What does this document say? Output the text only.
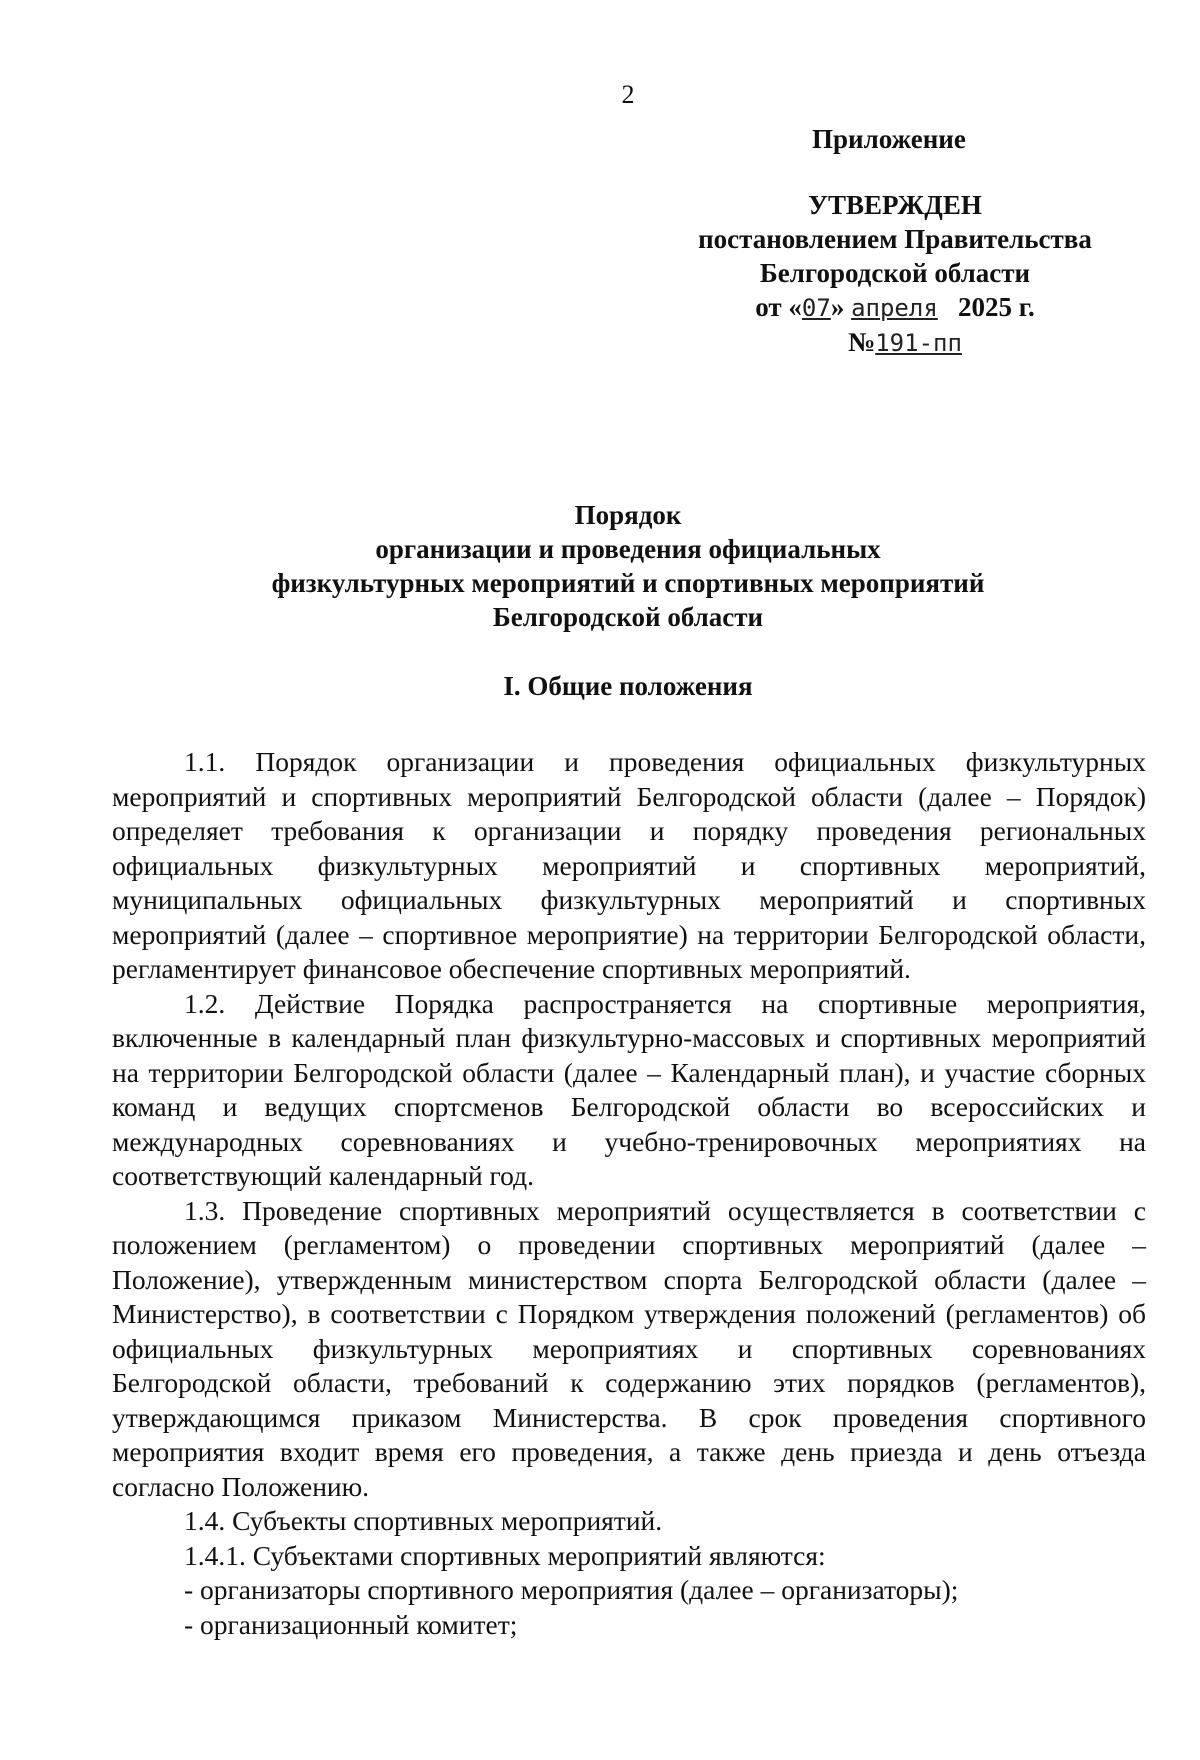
2
Приложение
УТВЕРЖДЕН
постановлением Правительства
Белгородской области
от «07» апреля 2025 г.
№191-пп
Порядок
организации и проведения официальных
физкультурных мероприятий и спортивных мероприятий
Белгородской области
I. Общие положения

1.1. Порядок организации и проведения официальных физкультурных мероприятий и спортивных мероприятий Белгородской области (далее – Порядок) определяет требования к организации и порядку проведения региональных официальных физкультурных мероприятий и спортивных мероприятий, муниципальных официальных физкультурных мероприятий и спортивных мероприятий (далее – спортивное мероприятие) на территории Белгородской области, регламентирует финансовое обеспечение спортивных мероприятий.

1.2. Действие Порядка распространяется на спортивные мероприятия, включенные в календарный план физкультурно-массовых и спортивных мероприятий на территории Белгородской области (далее – Календарный план), и участие сборных команд и ведущих спортсменов Белгородской области во всероссийских и международных соревнованиях и учебно-тренировочных мероприятиях на соответствующий календарный год.

1.3. Проведение спортивных мероприятий осуществляется в соответствии с положением (регламентом) о проведении спортивных мероприятий (далее – Положение), утвержденным министерством спорта Белгородской области (далее – Министерство), в соответствии с Порядком утверждения положений (регламентов) об официальных физкультурных мероприятиях и спортивных соревнованиях Белгородской области, требований к содержанию этих порядков (регламентов), утверждающимся приказом Министерства. В срок проведения спортивного мероприятия входит время его проведения, а также день приезда и день отъезда согласно Положению.

1.4. Субъекты спортивных мероприятий.

1.4.1. Субъектами спортивных мероприятий являются:

- организаторы спортивного мероприятия (далее – организаторы);

- организационный комитет;
